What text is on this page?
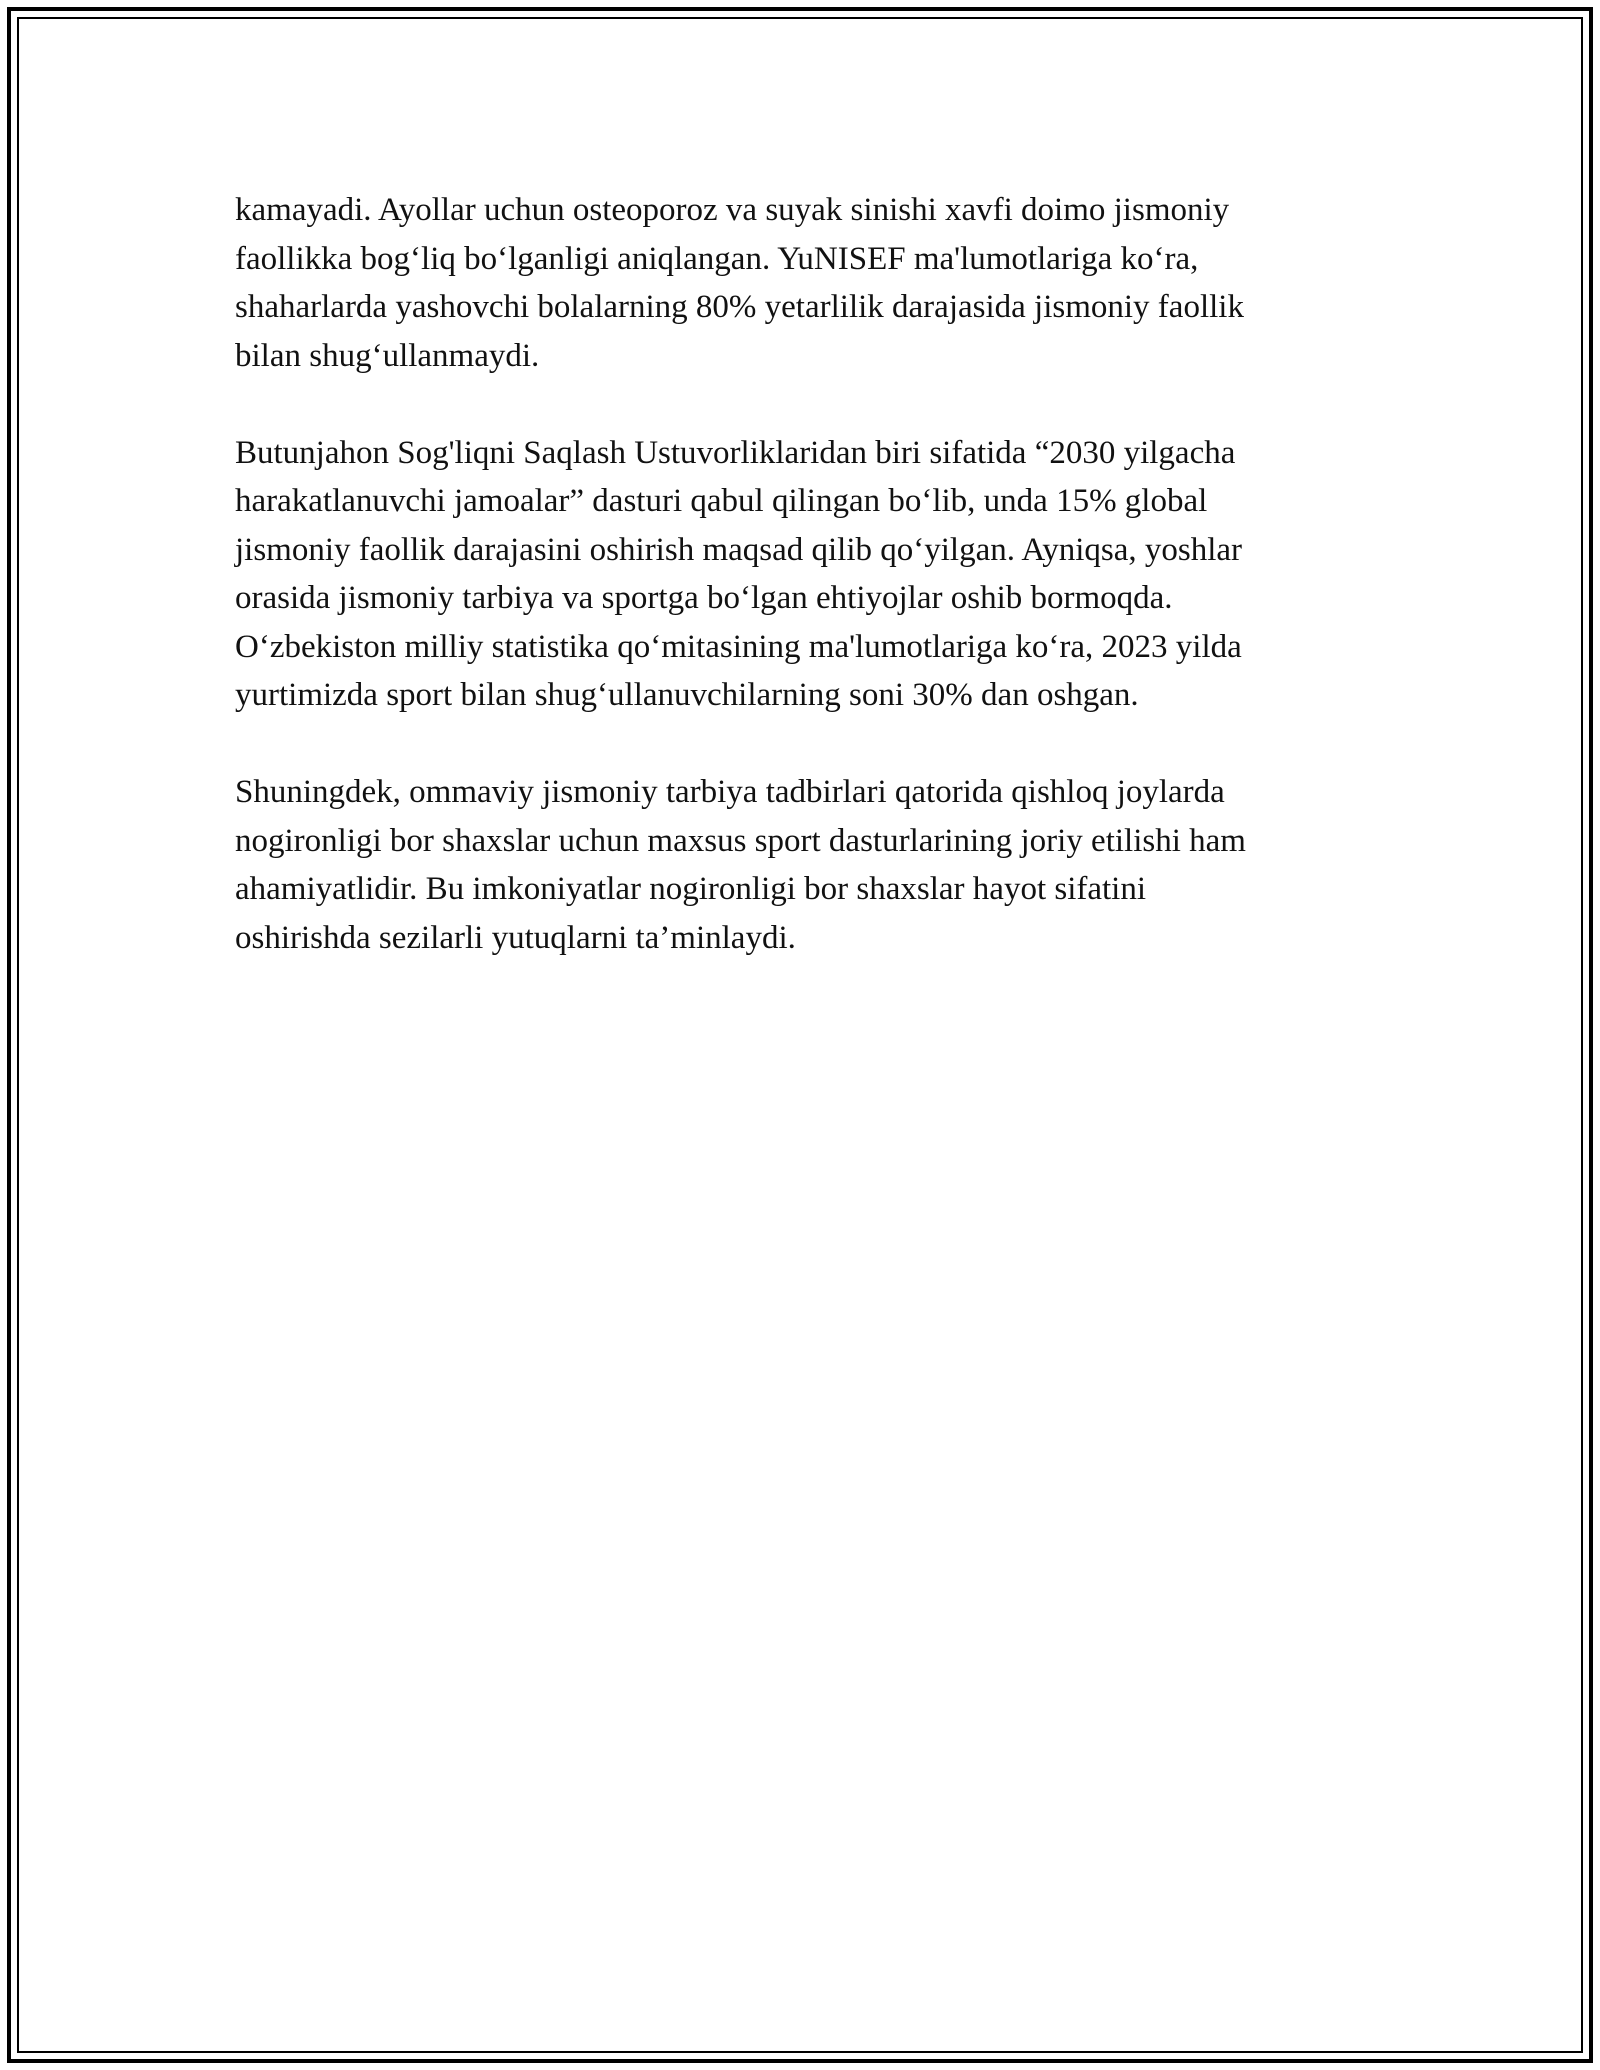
kamayadi. Ayollar uchun osteoporoz va suyak sinishi xavfi doimo jismoniy
faollikka bog‘liq bo‘lganligi aniqlangan. YuNISEF ma'lumotlariga ko‘ra,
shaharlarda yashovchi bolalarning 80% yetarlilik darajasida jismoniy faollik
bilan shug‘ullanmaydi.

Butunjahon Sog'liqni Saqlash Ustuvorliklaridan biri sifatida “2030 yilgacha
harakatlanuvchi jamoalar” dasturi qabul qilingan bo‘lib, unda 15% global
jismoniy faollik darajasini oshirish maqsad qilib qo‘yilgan. Ayniqsa, yoshlar
orasida jismoniy tarbiya va sportga bo‘lgan ehtiyojlar oshib bormoqda.
O‘zbekiston milliy statistika qo‘mitasining ma'lumotlariga ko‘ra, 2023 yilda
yurtimizda sport bilan shug‘ullanuvchilarning soni 30% dan oshgan.

Shuningdek, ommaviy jismoniy tarbiya tadbirlari qatorida qishloq joylarda
nogironligi bor shaxslar uchun maxsus sport dasturlarining joriy etilishi ham
ahamiyatlidir. Bu imkoniyatlar nogironligi bor shaxslar hayot sifatini
oshirishda sezilarli yutuqlarni ta’minlaydi.
